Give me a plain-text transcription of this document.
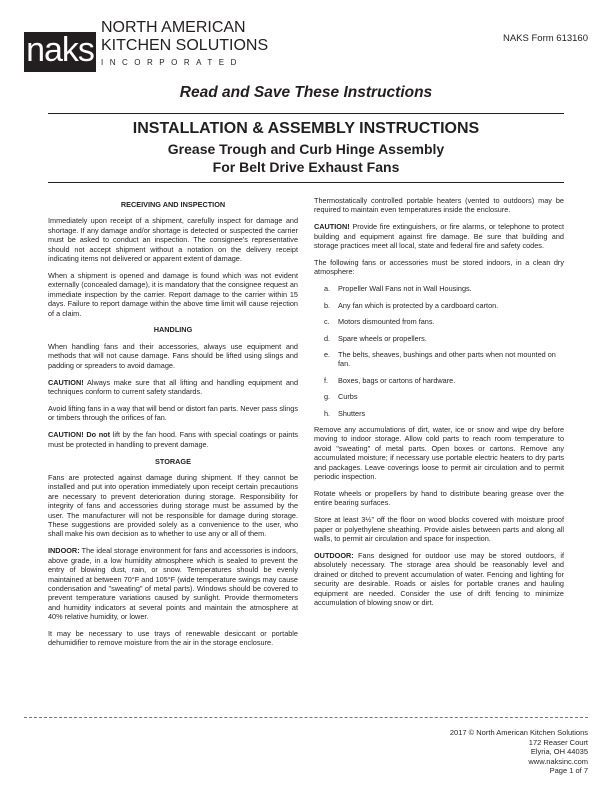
naks
NORTH AMERICAN
KITCHEN SOLUTIONS
INCORPORATED
NAKS Form 613160
Read and Save These Instructions
INSTALLATION & ASSEMBLY INSTRUCTIONS
Grease Trough and Curb Hinge Assembly
For Belt Drive Exhaust Fans
RECEIVING AND INSPECTION

Immediately upon receipt of a shipment, carefully inspect for damage and shortage. If any damage and/or shortage is detected or suspected the carrier must be asked to conduct an inspection. The consignee's representative should not accept shipment without a notation on the delivery receipt indicating items not delivered or apparent extent of damage.

When a shipment is opened and damage is found which was not evident externally (concealed damage), it is mandatory that the consignee request an immediate inspection by the carrier. Report damage to the carrier within 15 days. Failure to report damage within the above time limit will cause rejection of a claim.

HANDLING

When handling fans and their accessories, always use equipment and methods that will not cause damage. Fans should be lifted using slings and padding or spreaders to avoid damage.

CAUTION! Always make sure that all lifting and handling equipment and techniques conform to current safety standards.

Avoid lifting fans in a way that will bend or distort fan parts. Never pass slings or timbers through the orifices of fan.

CAUTION! Do not lift by the fan hood. Fans with special coatings or paints must be protected in handling to prevent damage.

STORAGE

Fans are protected against damage during shipment. If they cannot be installed and put into operation immediately upon receipt certain precautions are necessary to prevent deterioration during storage. Responsibility for integrity of fans and accessories during storage must be assumed by the user. The manufacturer will not be responsible for damage during storage. These suggestions are provided solely as a convenience to the user, who shall make his own decision as to whether to use any or all of them.

INDOOR: The ideal storage environment for fans and accessories is indoors, above grade, in a low humidity atmosphere which is sealed to prevent the entry of blowing dust, rain, or snow. Temperatures should be evenly maintained at between 70°F and 105°F (wide temperature swings may cause condensation and "sweating" of metal parts). Windows should be covered to prevent temperature variations caused by sunlight. Provide thermometers and humidity indicators at several points and maintain the atmosphere at 40% relative humidity, or lower.

It may be necessary to use trays of renewable desiccant or portable dehumidifier to remove moisture from the air in the storage enclosure.

Thermostatically controlled portable heaters (vented to outdoors) may be required to maintain even temperatures inside the enclosure.

CAUTION! Provide fire extinguishers, or fire alarms, or telephone to protect building and equipment against fire damage. Be sure that building and storage practices meet all local, state and federal fire and safety codes.

The following fans or accessories must be stored indoors, in a clean dry atmosphere:

a. Propeller Wall Fans not in Wall Housings.
b. Any fan which is protected by a cardboard carton.
c. Motors dismounted from fans.
d. Spare wheels or propellers.
e. The belts, sheaves, bushings and other parts when not mounted on fan.
f. Boxes, bags or cartons of hardware.
g. Curbs
h. Shutters

Remove any accumulations of dirt, water, ice or snow and wipe dry before moving to indoor storage. Allow cold parts to reach room temperature to avoid "sweating" of metal parts. Open boxes or cartons. Remove any accumulated moisture; if necessary use portable electric heaters to dry parts and packages. Leave coverings loose to permit air circulation and to permit periodic inspection.

Rotate wheels or propellers by hand to distribute bearing grease over the entire bearing surfaces.

Store at least 3½" off the floor on wood blocks covered with moisture proof paper or polyethylene sheathing. Provide aisles between parts and along all walls, to permit air circulation and space for inspection.

OUTDOOR: Fans designed for outdoor use may be stored outdoors, if absolutely necessary. The storage area should be reasonably level and drained or ditched to prevent accumulation of water. Fencing and lighting for security are desirable. Roads or aisles for portable cranes and hauling equipment are needed. Consider the use of drift fencing to minimize accumulation of blowing snow or dirt.

2017 © North American Kitchen Solutions
172 Reaser Court
Elyria, OH 44035
www.naksinc.com
Page 1 of 7
